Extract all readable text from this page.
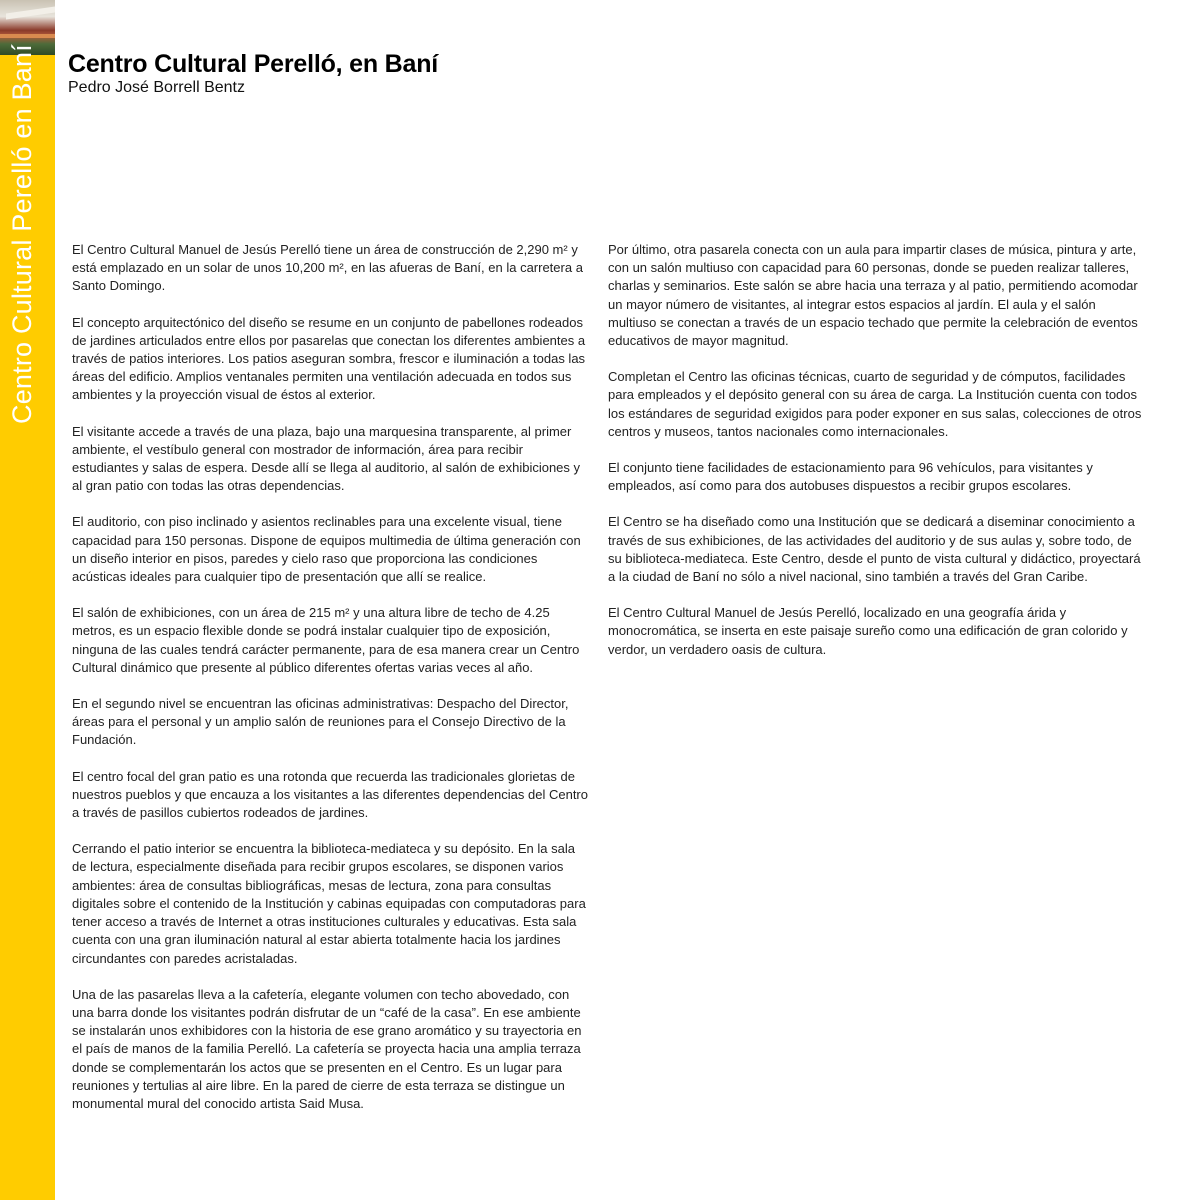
Centro Cultural Perelló en Baní Centro Cultural Perelló, en Baní
Pedro José Borrell Bentz

El Centro Cultural Manuel de Jesús Perelló tiene un área de construcción de 2,290 m² y está emplazado en un solar de unos 10,200 m², en las afueras de Baní, en la carretera a Santo Domingo.

El concepto arquitectónico del diseño se resume en un conjunto de pabellones rodeados de jardines articulados entre ellos por pasarelas que conectan los diferentes ambientes a través de patios interiores. Los patios aseguran sombra, frescor e iluminación a todas las áreas del edificio. Amplios ventanales permiten una ventilación adecuada en todos sus ambientes y la proyección visual de éstos al exterior.

El visitante accede a través de una plaza, bajo una marquesina transparente, al primer ambiente, el vestíbulo general con mostrador de información, área para recibir estudiantes y salas de espera. Desde allí se llega al auditorio, al salón de exhibiciones y al gran patio con todas las otras dependencias.

El auditorio, con piso inclinado y asientos reclinables para una excelente visual, tiene capacidad para 150 personas. Dispone de equipos multimedia de última generación con un diseño interior en pisos, paredes y cielo raso que proporciona las condiciones acústicas ideales para cualquier tipo de presentación que allí se realice.

El salón de exhibiciones, con un área de 215 m² y una altura libre de techo de 4.25 metros, es un espacio flexible donde se podrá instalar cualquier tipo de exposición, ninguna de las cuales tendrá carácter permanente, para de esa manera crear un Centro Cultural dinámico que presente al público diferentes ofertas varias veces al año.

En el segundo nivel se encuentran las oficinas administrativas: Despacho del Director, áreas para el personal y un amplio salón de reuniones para el Consejo Directivo de la Fundación.

El centro focal del gran patio es una rotonda que recuerda las tradicionales glorietas de nuestros pueblos y que encauza a los visitantes a las diferentes dependencias del Centro a través de pasillos cubiertos rodeados de jardines.

Cerrando el patio interior se encuentra la biblioteca-mediateca y su depósito. En la sala de lectura, especialmente diseñada para recibir grupos escolares, se disponen varios ambientes: área de consultas bibliográficas, mesas de lectura, zona para consultas digitales sobre el contenido de la Institución y cabinas equipadas con computadoras para tener acceso a través de Internet a otras instituciones culturales y educativas. Esta sala cuenta con una gran iluminación natural al estar abierta totalmente hacia los jardines circundantes con paredes acristaladas.

Una de las pasarelas lleva a la cafetería, elegante volumen con techo abovedado, con una barra donde los visitantes podrán disfrutar de un “café de la casa”. En ese ambiente se instalarán unos exhibidores con la historia de ese grano aromático y su trayectoria en el país de manos de la familia Perelló. La cafetería se proyecta hacia una amplia terraza donde se complementarán los actos que se presenten en el Centro. Es un lugar para reuniones y tertulias al aire libre. En la pared de cierre de esta terraza se distingue un monumental mural del conocido artista Said Musa.

Por último, otra pasarela conecta con un aula para impartir clases de música, pintura y arte, con un salón multiuso con capacidad para 60 personas, donde se pueden realizar talleres, charlas y seminarios. Este salón se abre hacia una terraza y al patio, permitiendo acomodar un mayor número de visitantes, al integrar estos espacios al jardín. El aula y el salón multiuso se conectan a través de un espacio techado que permite la celebración de eventos educativos de mayor magnitud.

Completan el Centro las oficinas técnicas, cuarto de seguridad y de cómputos, facilidades para empleados y el depósito general con su área de carga. La Institución cuenta con todos los estándares de seguridad exigidos para poder exponer en sus salas, colecciones de otros centros y museos, tantos nacionales como internacionales.

El conjunto tiene facilidades de estacionamiento para 96 vehículos, para visitantes y empleados, así como para dos autobuses dispuestos a recibir grupos escolares.

El Centro se ha diseñado como una Institución que se dedicará a diseminar conocimiento a través de sus exhibiciones, de las actividades del auditorio y de sus aulas y, sobre todo, de su biblioteca-mediateca. Este Centro, desde el punto de vista cultural y didáctico, proyectará a la ciudad de Baní no sólo a nivel nacional, sino también a través del Gran Caribe.

El Centro Cultural Manuel de Jesús Perelló, localizado en una geografía árida y monocromática, se inserta en este paisaje sureño como una edificación de gran colorido y verdor, un verdadero oasis de cultura.
